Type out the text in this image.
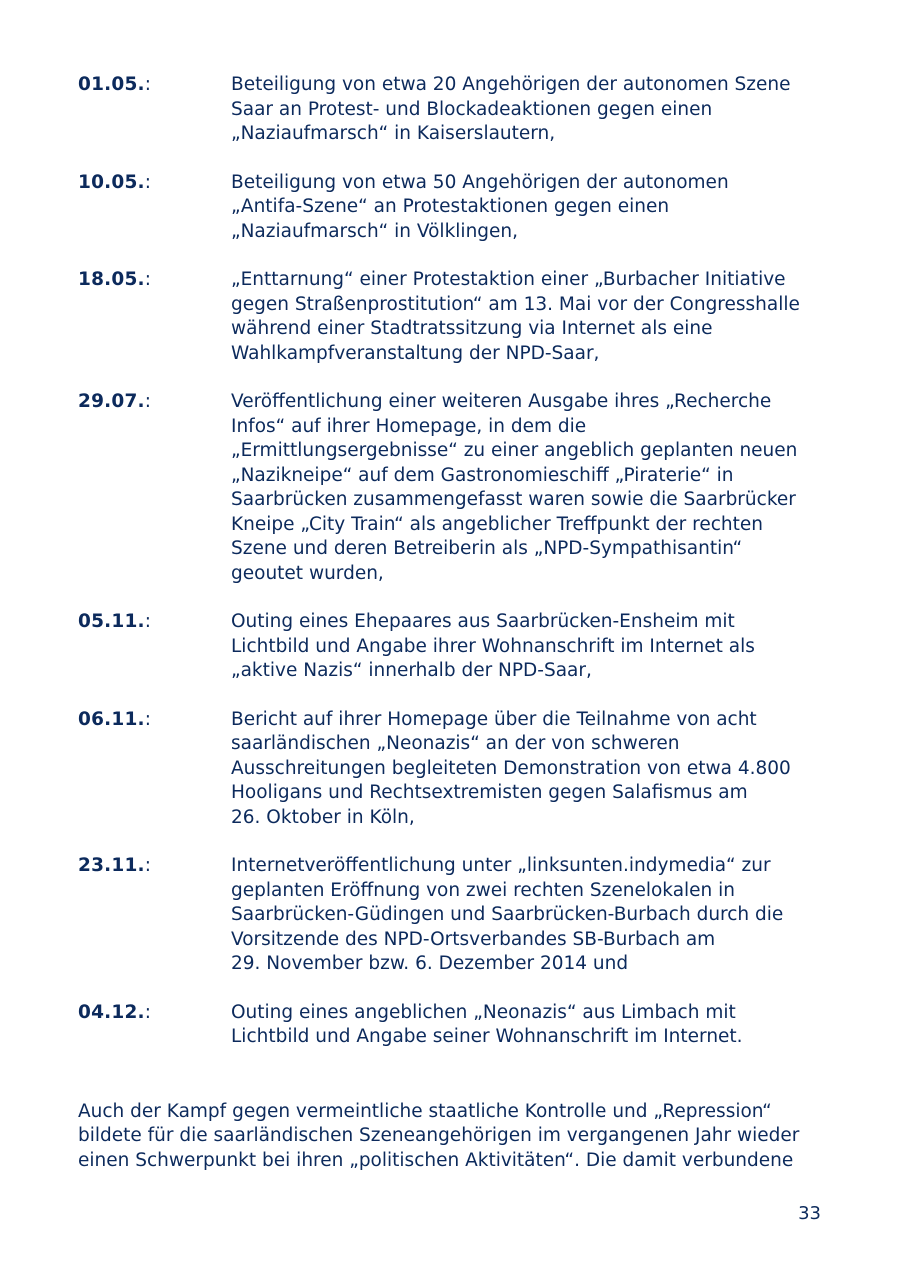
01.05.:	Beteiligung von etwa 20 Angehörigen der autonomen Szene
Saar an Protest- und Blockadeaktionen gegen einen
„Naziaufmarsch“ in Kaiserslautern,
10.05.:	Beteiligung von etwa 50 Angehörigen der autonomen
„Antifa-Szene“ an Protestaktionen gegen einen
„Naziaufmarsch“ in Völklingen,
18.05.:	„Enttarnung“ einer Protestaktion einer „Burbacher Initiative
gegen Straßenprostitution“ am 13. Mai vor der Congresshalle
während einer Stadtratssitzung via Internet als eine
Wahlkampfveranstaltung der NPD-Saar,
29.07.:	Veröffentlichung einer weiteren Ausgabe ihres „Recherche
Infos“ auf ihrer Homepage, in dem die
„Ermittlungsergebnisse“ zu einer angeblich geplanten neuen
„Nazikneipe“ auf dem Gastronomieschiff „Piraterie“ in
Saarbrücken zusammengefasst waren sowie die Saarbrücker
Kneipe „City Train“ als angeblicher Treffpunkt der rechten
Szene und deren Betreiberin als „NPD-Sympathisantin“
geoutet wurden,
05.11.:	Outing eines Ehepaares aus Saarbrücken-Ensheim mit
Lichtbild und Angabe ihrer Wohnanschrift im Internet als
„aktive Nazis“ innerhalb der NPD-Saar,
06.11.:	Bericht auf ihrer Homepage über die Teilnahme von acht
saarländischen „Neonazis“ an der von schweren
Ausschreitungen begleiteten Demonstration von etwa 4.800
Hooligans und Rechtsextremisten gegen Salafismus am
26. Oktober in Köln,
23.11.:	Internetveröffentlichung unter „linksunten.indymedia“ zur
geplanten Eröffnung von zwei rechten Szenelokalen in
Saarbrücken-Güdingen und Saarbrücken-Burbach durch die
Vorsitzende des NPD-Ortsverbandes SB-Burbach am
29. November bzw. 6. Dezember 2014 und
04.12.:	Outing eines angeblichen „Neonazis“ aus Limbach mit
Lichtbild und Angabe seiner Wohnanschrift im Internet.
Auch der Kampf gegen vermeintliche staatliche Kontrolle und „Repression“
bildete für die saarländischen Szeneangehörigen im vergangenen Jahr wieder
einen Schwerpunkt bei ihren „politischen Aktivitäten“. Die damit verbundene
33
